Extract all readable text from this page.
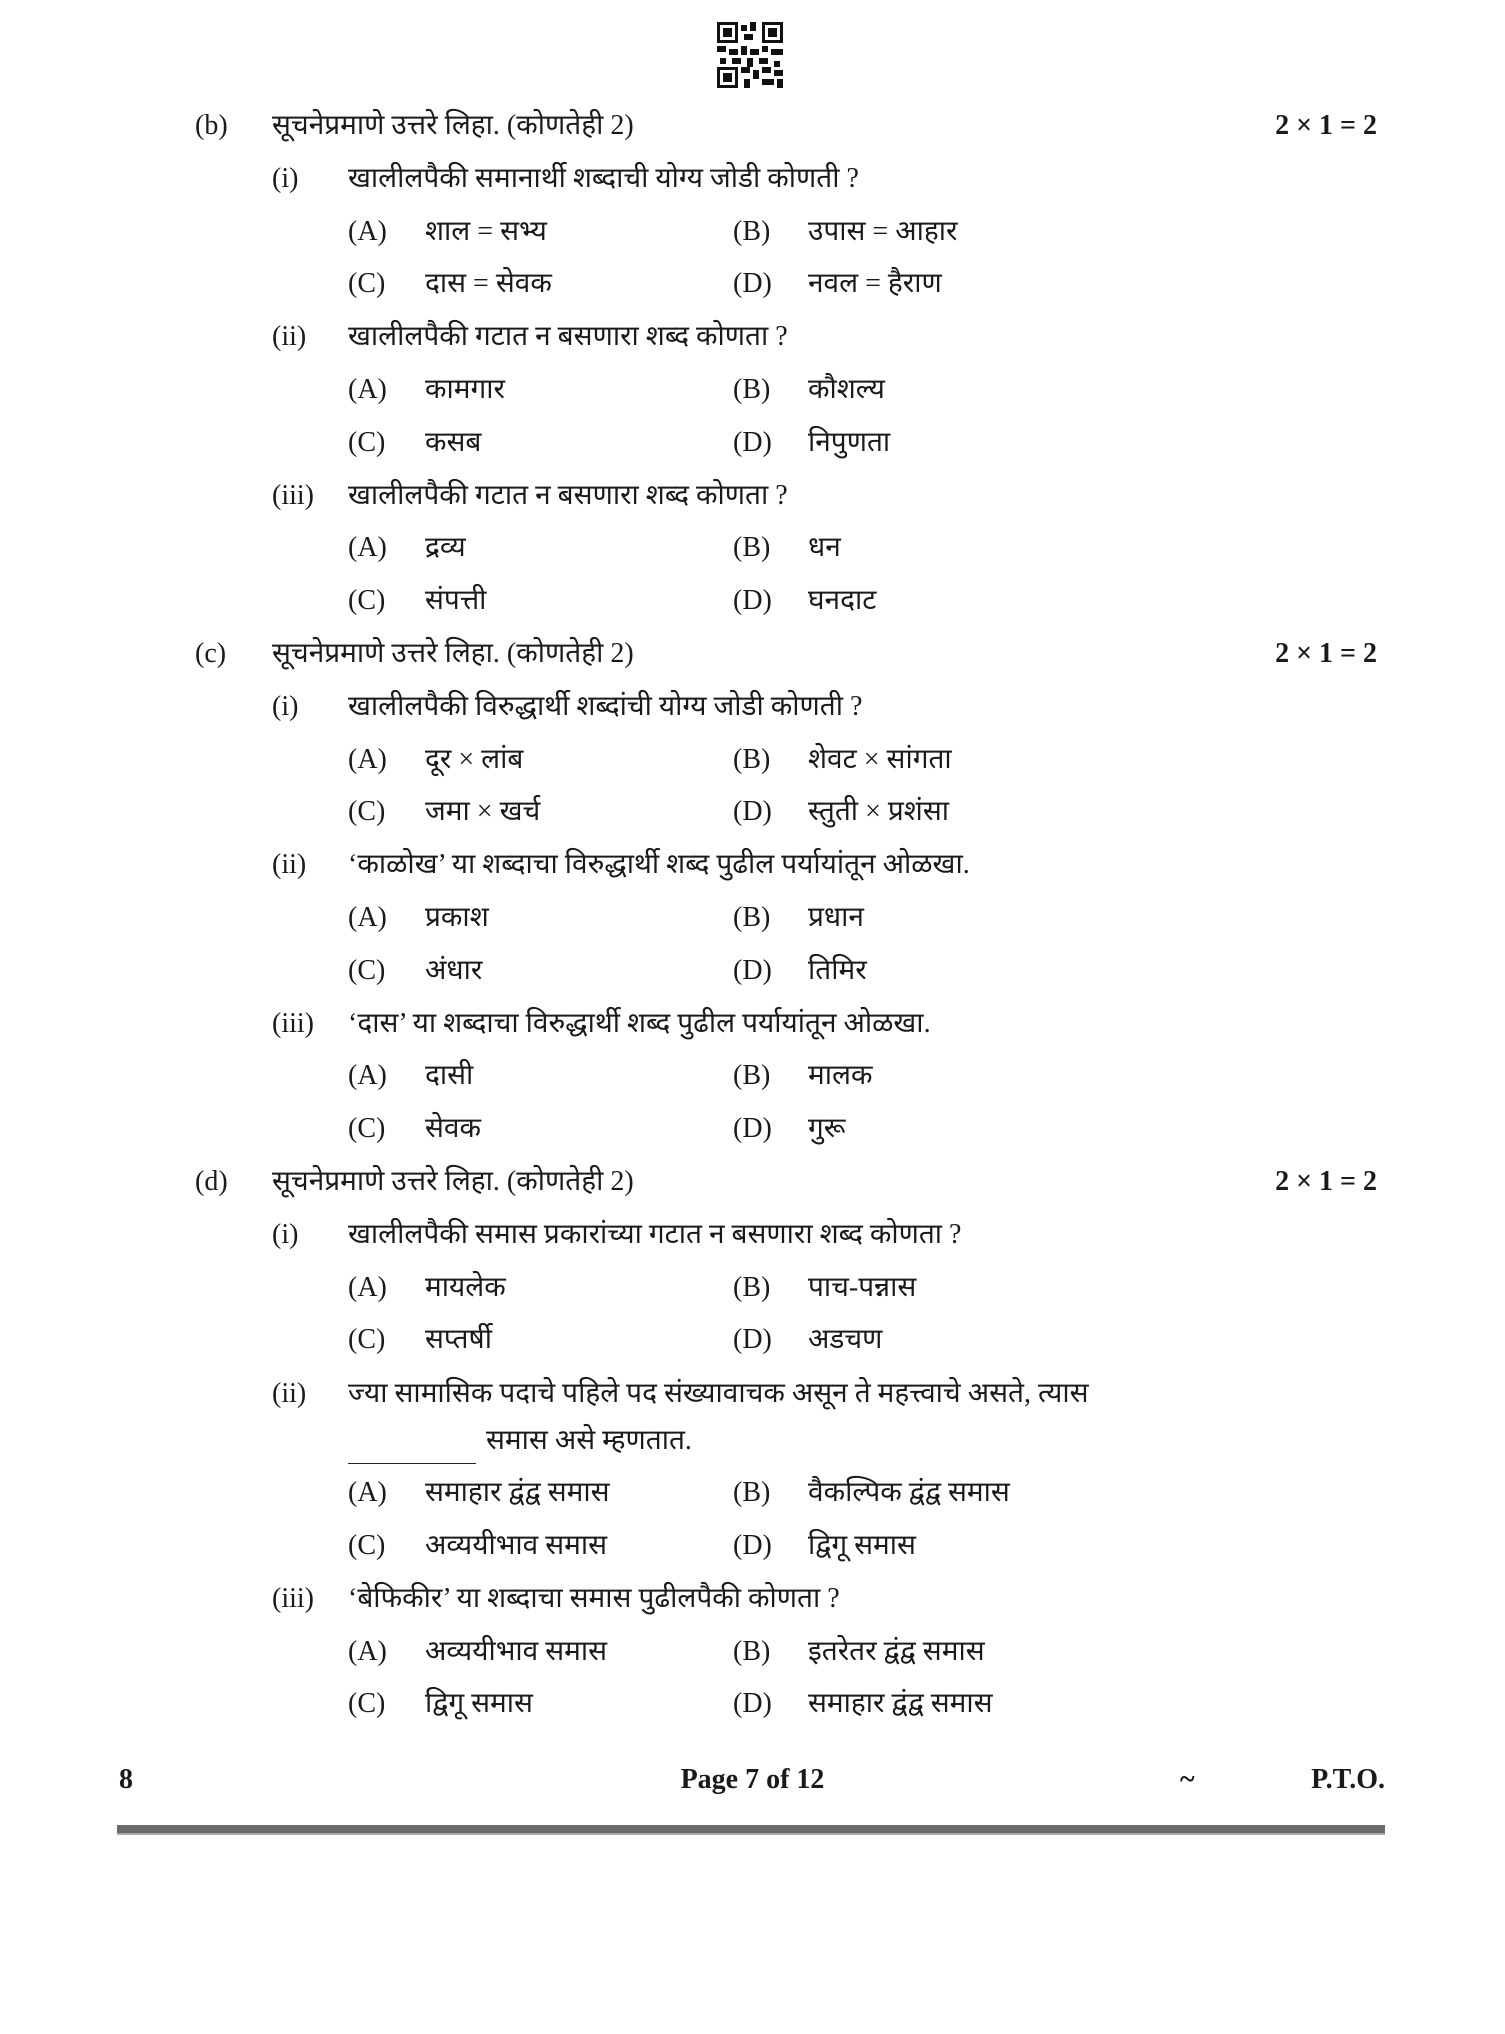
(b) सूचनेप्रमाणे उत्तरे लिहा. (कोणतेही 2)	2 × 1 = 2
(i) खालीलपैकी समानार्थी शब्दाची योग्य जोडी कोणती ?
(A) शाल = सभ्य	(B) उपास = आहार
(C) दास = सेवक	(D) नवल = हैराण
(ii) खालीलपैकी गटात न बसणारा शब्द कोणता ?
(A) कामगार	(B) कौशल्य
(C) कसब	(D) निपुणता
(iii) खालीलपैकी गटात न बसणारा शब्द कोणता ?
(A) द्रव्य	(B) धन
(C) संपत्ती	(D) घनदाट
(c) सूचनेप्रमाणे उत्तरे लिहा. (कोणतेही 2)	2 × 1 = 2
(i) खालीलपैकी विरुद्धार्थी शब्दांची योग्य जोडी कोणती ?
(A) दूर × लांब	(B) शेवट × सांगता
(C) जमा × खर्च	(D) स्तुती × प्रशंसा
(ii) ‘काळोख’ या शब्दाचा विरुद्धार्थी शब्द पुढील पर्यायांतून ओळखा.
(A) प्रकाश	(B) प्रधान
(C) अंधार	(D) तिमिर
(iii) ‘दास’ या शब्दाचा विरुद्धार्थी शब्द पुढील पर्यायांतून ओळखा.
(A) दासी	(B) मालक
(C) सेवक	(D) गुरू
(d) सूचनेप्रमाणे उत्तरे लिहा. (कोणतेही 2)	2 × 1 = 2
(i) खालीलपैकी समास प्रकारांच्या गटात न बसणारा शब्द कोणता ?
(A) मायलेक	(B) पाच-पन्नास
(C) सप्तर्षी	(D) अडचण
(ii) ज्या सामासिक पदाचे पहिले पद संख्यावाचक असून ते महत्त्वाचे असते, त्यास
समास असे म्हणतात.
(A) समाहार द्वंद्व समास	(B) वैकल्पिक द्वंद्व समास
(C) अव्ययीभाव समास	(D) द्विगू समास
(iii) ‘बेफिकीर’ या शब्दाचा समास पुढीलपैकी कोणता ?
(A) अव्ययीभाव समास	(B) इतरेतर द्वंद्व समास
(C) द्विगू समास	(D) समाहार द्वंद्व समास
8	Page 7 of 12	~	P.T.O.
